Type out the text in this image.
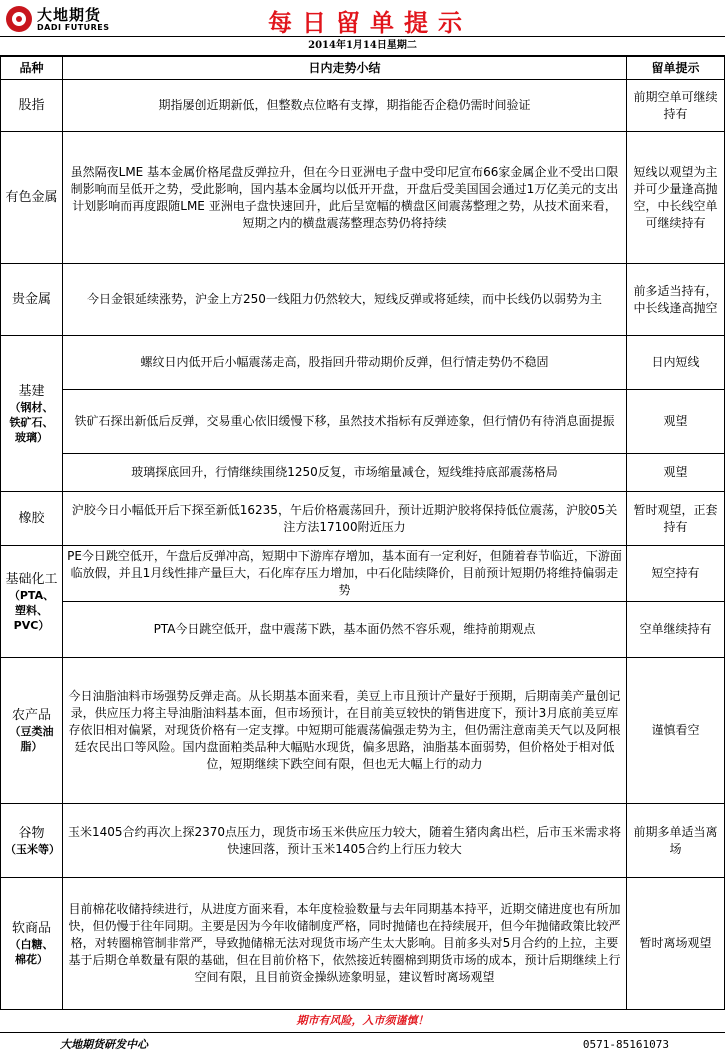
大地期货
DADI FUTURES	每日留单提示
2014年1月14日星期二
品种	日内走势小结	留单提示

股指	期指屡创近期新低，但整数点位略有支撑，期指能否企稳仍需时间验证	前期空单可继续持有

有色金属	虽然隔夜LME 基本金属价格尾盘反弹拉升，但在今日亚洲电子盘中受印尼宣布66家金属企业不受出口限制影响而呈低开之势，受此影响，国内基本金属均以低开开盘，开盘后受美国国会通过1万亿美元的支出计划影响而再度跟随LME 亚洲电子盘快速回升，此后呈宽幅的横盘区间震荡整理之势，从技术面来看，短期之内的横盘震荡整理态势仍将持续	短线以观望为主并可少量逢高抛空，中长线空单可继续持有

贵金属	今日金银延续涨势，沪金上方250一线阻力仍然较大，短线反弹或将延续，而中长线仍以弱势为主	前多适当持有，中长线逢高抛空

基建
（钢材、铁矿石、玻璃）	螺纹日内低开后小幅震荡走高，股指回升带动期价反弹，但行情走势仍不稳固	日内短线
	铁矿石探出新低后反弹，交易重心依旧缓慢下移，虽然技术指标有反弹迹象，但行情仍有待消息面提振	观望
	玻璃探底回升，行情继续围绕1250反复，市场缩量减仓，短线维持底部震荡格局	观望

橡胶	沪胶今日小幅低开后下探至新低16235，午后价格震荡回升，预计近期沪胶将保持低位震荡，沪胶05关注方法17100附近压力	暂时观望，正套持有

基础化工
（PTA、塑料、PVC）	PE今日跳空低开，午盘后反弹冲高，短期中下游库存增加，基本面有一定利好，但随着春节临近，下游面临放假，并且1月线性排产量巨大，石化库存压力增加，中石化陆续降价，目前预计短期仍将维持偏弱走势	短空持有
	PTA今日跳空低开，盘中震荡下跌，基本面仍然不容乐观，维持前期观点	空单继续持有

农产品
（豆类油脂）	今日油脂油料市场强势反弹走高。从长期基本面来看，美豆上市且预计产量好于预期，后期南美产量创记录，供应压力将主导油脂油料基本面，但市场预计，在目前美豆较快的销售进度下，预计3月底前美豆库存依旧相对偏紧，对现货价格有一定支撑。中短期可能震荡偏强走势为主，但仍需注意南美天气以及阿根廷农民出口等风险。国内盘面粕类品种大幅贴水现货，偏多思路，油脂基本面弱势，但价格处于相对低位，短期继续下跌空间有限，但也无大幅上行的动力	谨慎看空

谷物
（玉米等）	玉米1405合约再次上探2370点压力，现货市场玉米供应压力较大，随着生猪肉禽出栏，后市玉米需求将快速回落，预计玉米1405合约上行压力较大	前期多单适当离场

软商品
（白糖、棉花）	目前棉花收储持续进行，从进度方面来看，本年度检验数量与去年同期基本持平，近期交储进度也有所加快，但仍慢于往年同期。主要是因为今年收储制度严格，同时抛储也在持续展开，但今年抛储政策比较严格，对转圈棉管制非常严，导致抛储棉无法对现货市场产生太大影响。目前多头对5月合约的上拉，主要基于后期仓单数量有限的基础，但在目前价格下，依然接近转圈棉到期货市场的成本，预计后期继续上行空间有限，且目前资金操纵迹象明显，建议暂时离场观望	暂时离场观望
期市有风险，入市须谨慎！
大地期货研发中心	0571-85161073
